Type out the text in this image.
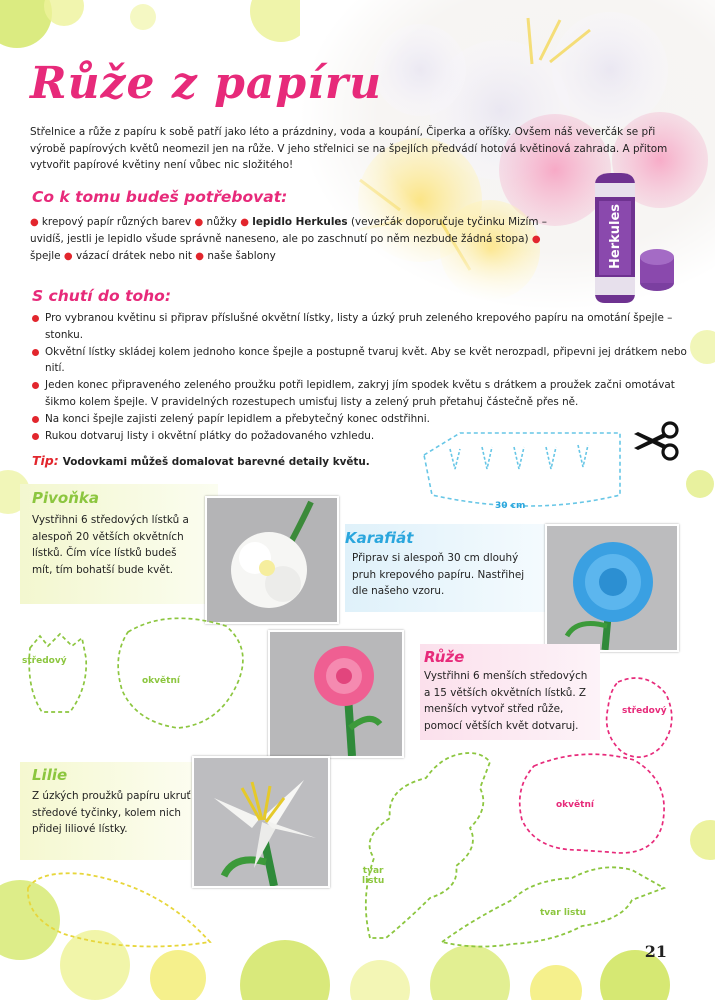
Herkules
Růže z papíru

Střelnice a růže z papíru k sobě patří jako léto a prázdniny, voda a koupání, Čiperka a oříšky. Ovšem náš veverčák se při výrobě papírových květů neomezil jen na růže. V jeho střelnici se na špejlích předvádí hotová květinová zahrada. A přitom vytvořit papírové květiny není vůbec nic složitého!

Co k tomu budeš potřebovat:

● krepový papír různých barev ● nůžky ● lepidlo Herkules (veverčák doporučuje tyčinku Mizím – uvidíš, jestli je lepidlo všude správně naneseno, ale po zaschnutí po něm nezbude žádná stopa) ● špejle ● vázací drátek nebo nit ● naše šablony

S chutí do toho:
Pro vybranou květinu si připrav příslušné okvětní lístky, listy a úzký pruh zeleného krepového papíru na omotání špejle – stonku.
Okvětní lístky skládej kolem jednoho konce špejle a postupně tvaruj květ. Aby se květ nerozpadl, připevni jej drátkem nebo nití.
Jeden konec připraveného zeleného proužku potři lepidlem, zakryj jím spodek květu s drátkem a proužek začni omotávat šikmo kolem špejle. V pravidelných rozestupech umisťuj listy a zelený pruh přetahuj částečně přes ně.
Na konci špejle zajisti zelený papír lepidlem a přebytečný konec odstřihni.
Rukou dotvaruj listy i okvětní plátky do požadovaného vzhledu.

Tip: Vodovkami můžeš domalovat barevné detaily květu.

30 cm
Pivoňka

Vystřihni 6 středových lístků a alespoň 20 větších okvětních lístků. Čím více lístků budeš mít, tím bohatší bude květ.

Karafiát

Připrav si alespoň 30 cm dlouhý pruh krepového papíru. Nastřihej dle našeho vzoru.

středový
okvětní
Růže

Vystřihni 6 menších středových a 15 větších okvětních lístků. Z menších vytvoř střed růže, pomocí větších květ dotvaruj.

středový
okvětní
Lilie

Z úzkých proužků papíru ukruť středové tyčinky, kolem nich přidej liliové lístky.

tvar
listu
tvar listu
21
